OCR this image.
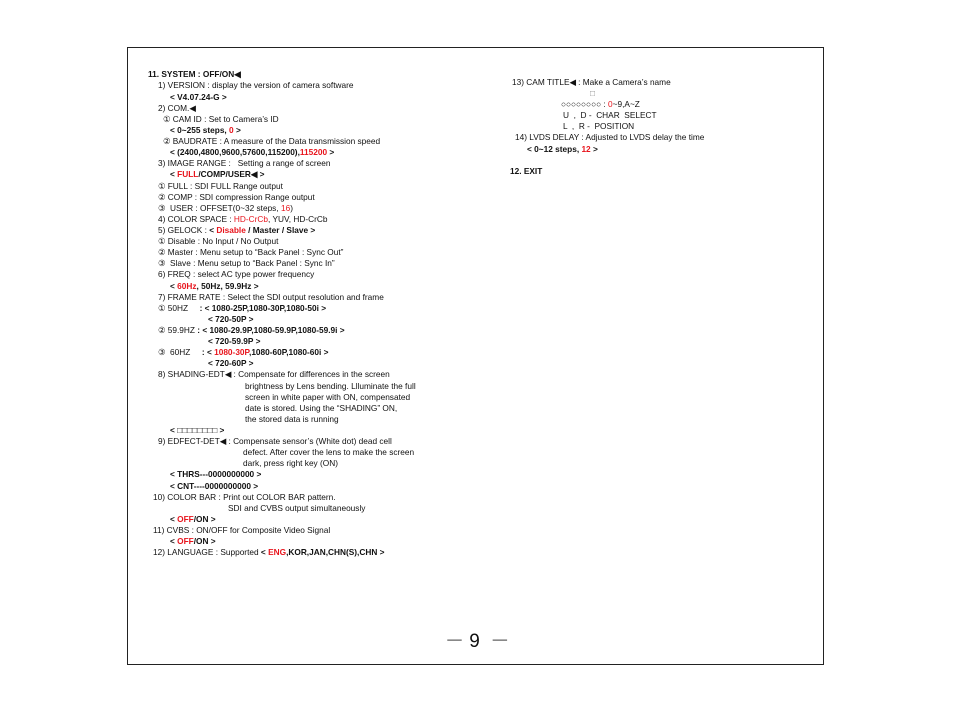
11. SYSTEM : OFF/ON◀
1) VERSION : display the version of camera software
< V4.07.24-G >
2) COM.◀
① CAM ID : Set to Camera’s ID
< 0~255 steps, 0 >
② BAUDRATE : A measure of the Data transmission speed
< (2400,4800,9600,57600,115200),115200 >
3) IMAGE RANGE :   Setting a range of screen
< FULL/COMP/USER◀ >
① FULL : SDI FULL Range output
② COMP : SDI compression Range output
③  USER : OFFSET(0~32 steps, 16)
4) COLOR SPACE : HD-CrCb, YUV, HD-CrCb
5) GELOCK : < Disable / Master / Slave >
① Disable : No Input / No Output
② Master : Menu setup to “Back Panel : Sync Out”
③  Slave : Menu setup to “Back Panel : Sync In”
6) FREQ : select AC type power frequency
< 60Hz, 50Hz, 59.9Hz >
7) FRAME RATE : Select the SDI output resolution and frame
① 50HZ     : < 1080-25P,1080-30P,1080-50i >
< 720-50P >
② 59.9HZ : < 1080-29.9P,1080-59.9P,1080-59.9i >
< 720-59.9P >
③  60HZ     : < 1080-30P,1080-60P,1080-60i >
< 720-60P >
8) SHADING-EDT◀ : Compensate for differences in the screen
brightness by Lens bending. Llluminate the full
screen in white paper with ON, compensated
date is stored. Using the “SHADING” ON,
the stored data is running
< □□□□□□□□ >
9) EDFECT-DET◀ : Compensate sensor’s (White dot) dead cell
defect. After cover the lens to make the screen
dark, press right key (ON)
< THRS---0000000000 >
< CNT----0000000000 >
10) COLOR BAR : Print out COLOR BAR pattern.
SDI and CVBS output simultaneously
< OFF/ON >
11) CVBS : ON/OFF for Composite Video Signal
< OFF/ON >
12) LANGUAGE : Supported < ENG,KOR,JAN,CHN(S),CHN >
13) CAM TITLE◀ : Make a Camera’s name
□
○○○○○○○○ : 0~9,A~Z
U  ,  D -  CHAR  SELECT
L  ,  R -  POSITION
14) LVDS DELAY : Adjusted to LVDS delay the time
< 0~12 steps, 12 >
12. EXIT
－ 9  －
